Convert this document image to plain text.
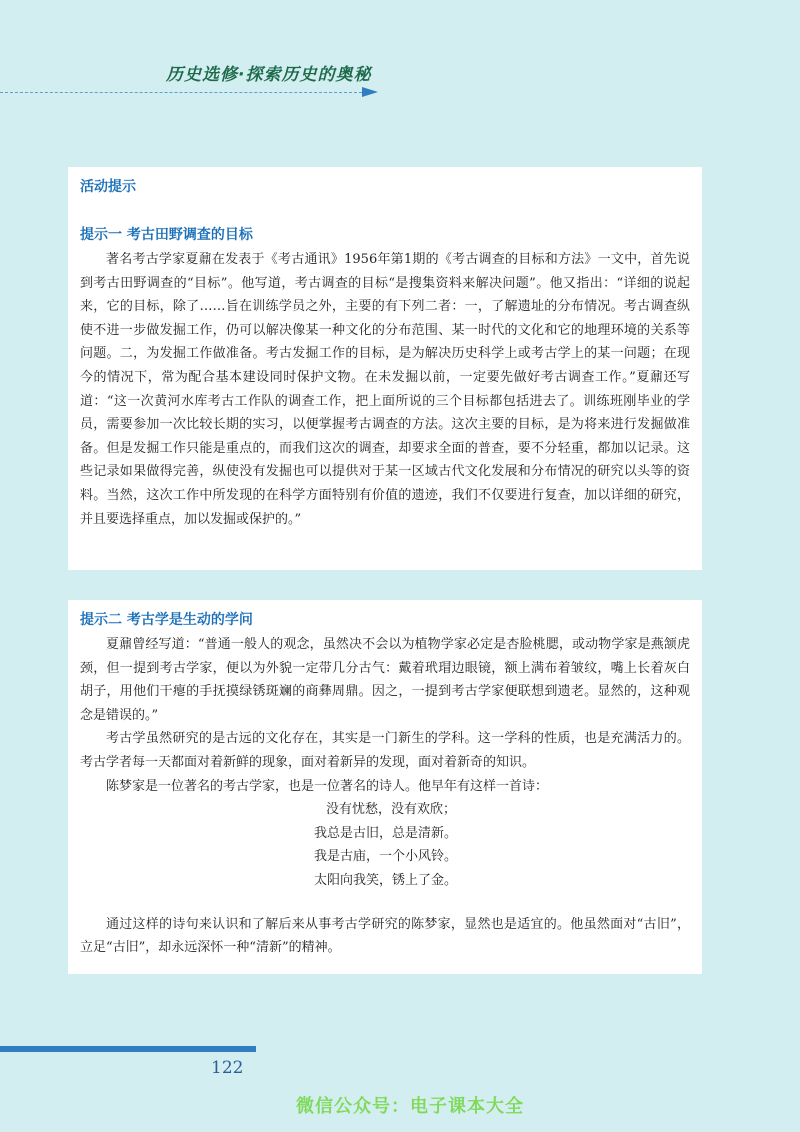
历史选修·探索历史的奥秘

活动提示

提示一 考古田野调查的目标

著名考古学家夏鼐在发表于《考古通讯》1956年第1期的《考古调查的目标和方法》一文中，首先说到考古田野调查的“目标”。他写道，考古调查的目标“是搜集资料来解决问题”。他又指出：“详细的说起来，它的目标，除了……旨在训练学员之外，主要的有下列二者：一，了解遗址的分布情况。考古调查纵使不进一步做发掘工作，仍可以解决像某一种文化的分布范围、某一时代的文化和它的地理环境的关系等问题。二，为发掘工作做准备。考古发掘工作的目标，是为解决历史科学上或考古学上的某一问题；在现今的情况下，常为配合基本建设同时保护文物。在未发掘以前，一定要先做好考古调查工作。”夏鼐还写道：“这一次黄河水库考古工作队的调查工作，把上面所说的三个目标都包括进去了。训练班刚毕业的学员，需要参加一次比较长期的实习，以便掌握考古调查的方法。这次主要的目标，是为将来进行发掘做准备。但是发掘工作只能是重点的，而我们这次的调查，却要求全面的普查，要不分轻重，都加以记录。这些记录如果做得完善，纵使没有发掘也可以提供对于某一区域古代文化发展和分布情况的研究以头等的资料。当然，这次工作中所发现的在科学方面特别有价值的遗迹，我们不仅要进行复查，加以详细的研究，并且要选择重点，加以发掘或保护的。”

提示二 考古学是生动的学问

夏鼐曾经写道：“普通一般人的观念，虽然决不会以为植物学家必定是杏脸桃腮，或动物学家是燕颔虎颈，但一提到考古学家，便以为外貌一定带几分古气：戴着玳瑁边眼镜，额上满布着皱纹，嘴上长着灰白胡子，用他们干瘪的手抚摸绿锈斑斓的商彝周鼎。因之，一提到考古学家便联想到遗老。显然的，这种观念是错误的。”

考古学虽然研究的是古远的文化存在，其实是一门新生的学科。这一学科的性质，也是充满活力的。考古学者每一天都面对着新鲜的现象，面对着新异的发现，面对着新奇的知识。

陈梦家是一位著名的考古学家，也是一位著名的诗人。他早年有这样一首诗：

没有忧愁，没有欢欣；

我总是古旧，总是清新。

我是古庙，一个小风铃。

太阳向我笑，锈上了金。

通过这样的诗句来认识和了解后来从事考古学研究的陈梦家，显然也是适宜的。他虽然面对“古旧”，立足“古旧”，却永远深怀一种“清新”的精神。

122
微信公众号：电子课本大全
